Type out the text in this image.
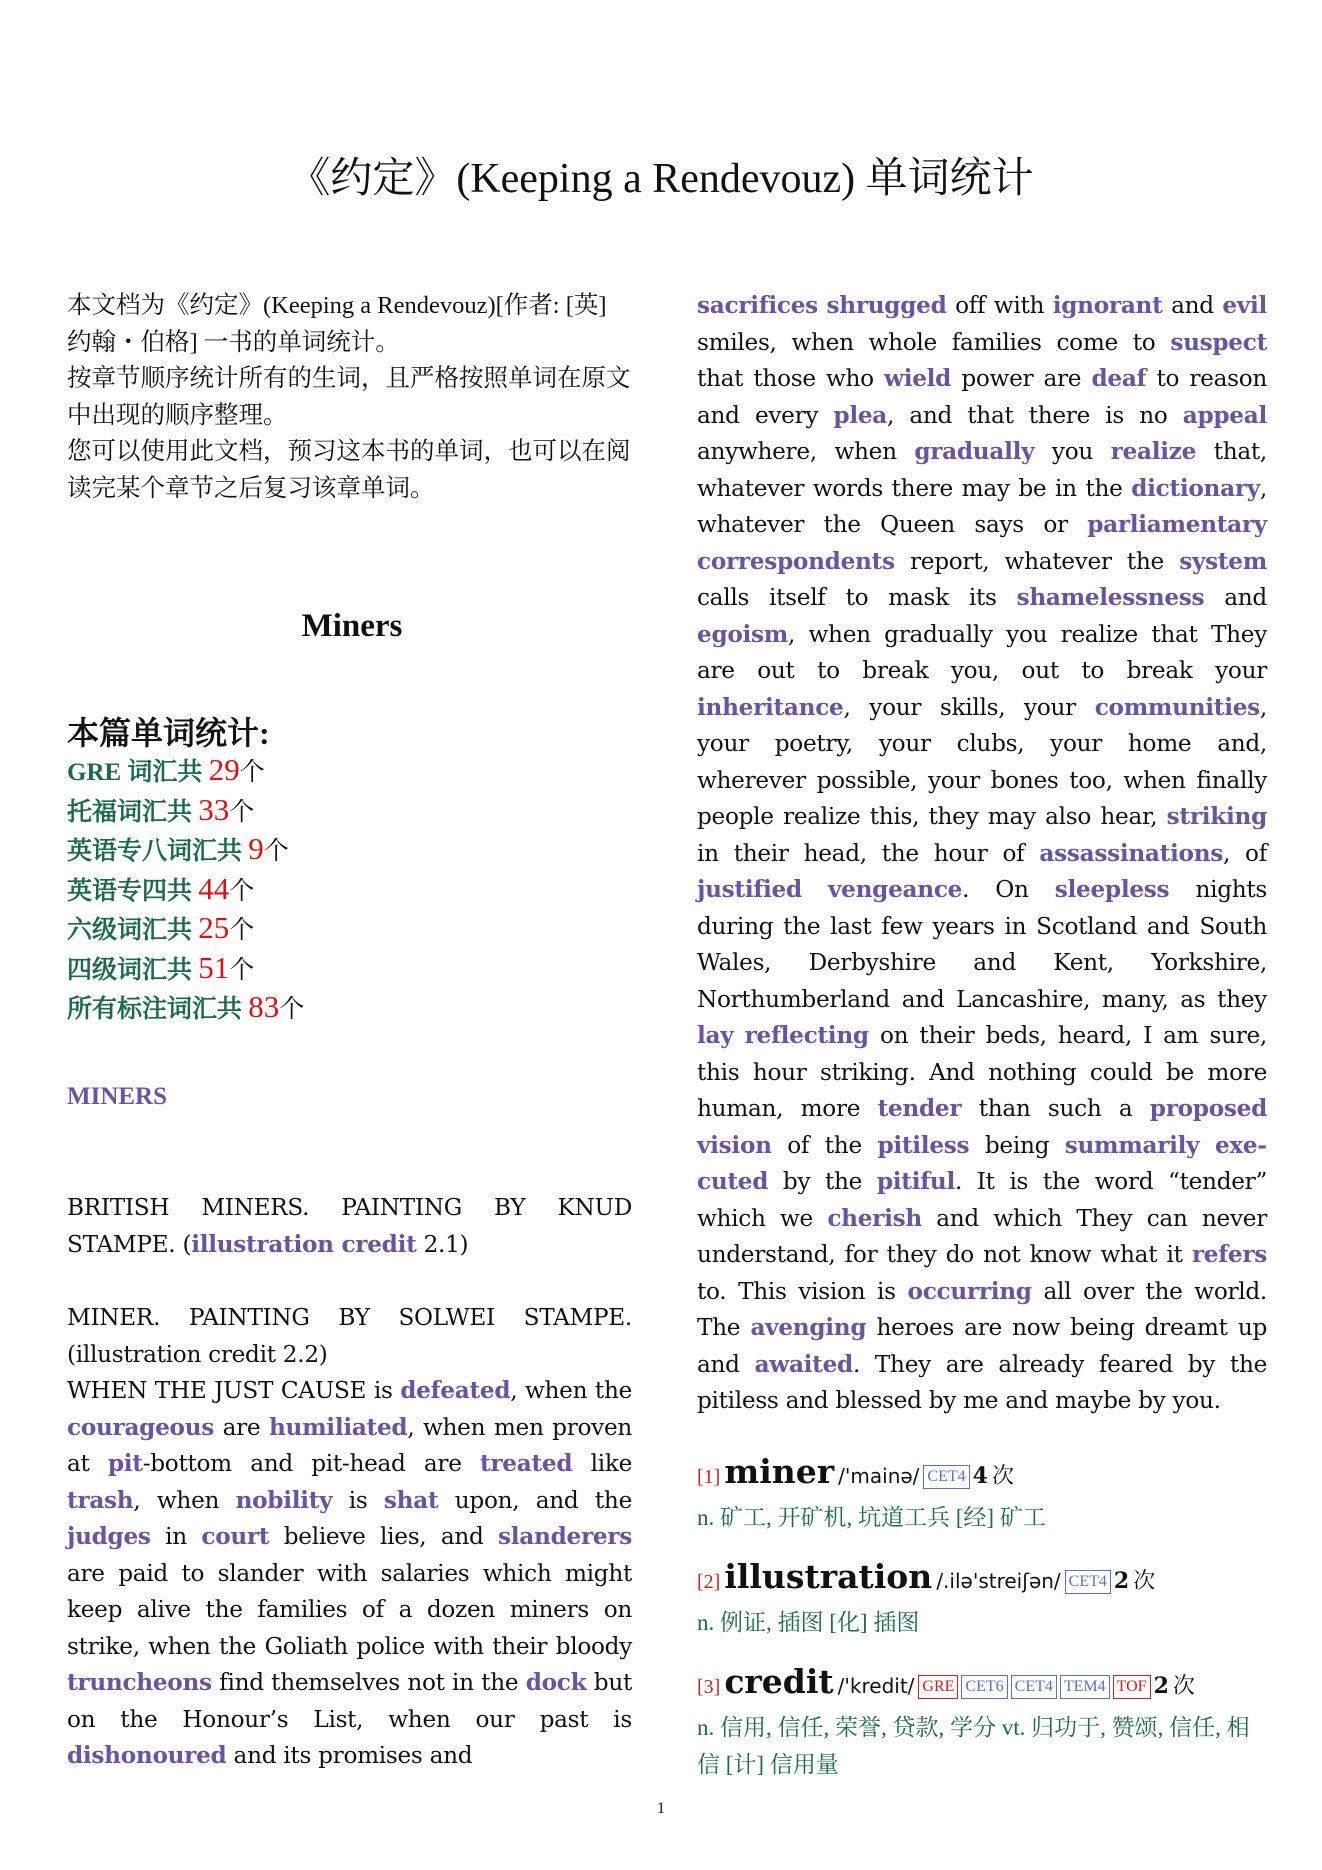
《约定》(Keeping a Rendevouz) 单词统计

本文档为《约定》(Keeping a Rendevouz)[作者: [英] 约翰・伯格] 一书的单词统计。

按章节顺序统计所有的生词，且严格按照单词在原文中出现的顺序整理。

您可以使用此文档，预习这本书的单词，也可以在阅读完某个章节之后复习该章单词。

Miners
本篇单词统计:
GRE 词汇共 29个
托福词汇共 33个
英语专八词汇共 9个
英语专四共 44个
六级词汇共 25个
四级词汇共 51个
所有标注词汇共 83个
MINERS

BRITISH MINERS. PAINTING BY KNUD STAMPE. (illustration credit 2.1)

MINER. PAINTING BY SOLWEI STAMPE. (illustration credit 2.2)

WHEN THE JUST CAUSE is defeated, when the courageous are humiliated, when men proven at pit-bottom and pit-head are treated like trash, when nobility is shat upon, and the judges in court believe lies, and slanderers are paid to slander with salaries which might keep alive the families of a dozen miners on strike, when the Goliath police with their bloody truncheons find themselves not in the dock but on the Honour’s List, when our past is dishonoured and its promises and

sacrifices shrugged off with ignorant and evil smiles, when whole families come to suspect that those who wield power are deaf to reason and every plea, and that there is no appeal anywhere, when gradually you realize that, whatever words there may be in the dictionary, whatever the Queen says or parliamentary correspondents report, whatever the system calls itself to mask its shamelessness and egoism, when gradually you realize that They are out to break you, out to break your inheritance, your skills, your communities, your poetry, your clubs, your home and, wherever possible, your bones too, when finally people realize this, they may also hear, striking in their head, the hour of assassinations, of justified vengeance. On sleepless nights during the last few years in Scotland and South Wales, Derbyshire and Kent, Yorkshire, Northumberland and Lancashire, many, as they lay reflecting on their beds, heard, I am sure, this hour striking. And nothing could be more human, more tender than such a proposed vision of the pitiless being summarily executed by the pitiful. It is the word “tender” which we cherish and which They can never understand, for they do not know what it refers to. This vision is occurring all over the world. The avenging heroes are now being dreamt up and awaited. They are already feared by the pitiless and blessed by me and maybe by you.

[1] miner /'mainə/ CET4 4 次
n. 矿工, 开矿机, 坑道工兵 [经] 矿工
[2] illustration /.ilə'streiʃən/ CET4 2 次
n. 例证, 插图 [化] 插图
[3] credit /'kredit/ GRE CET6 CET4 TEM4 TOF 2 次
n. 信用, 信任, 荣誉, 贷款, 学分 vt. 归功于, 赞颂, 信任, 相信 [计] 信用量
1
